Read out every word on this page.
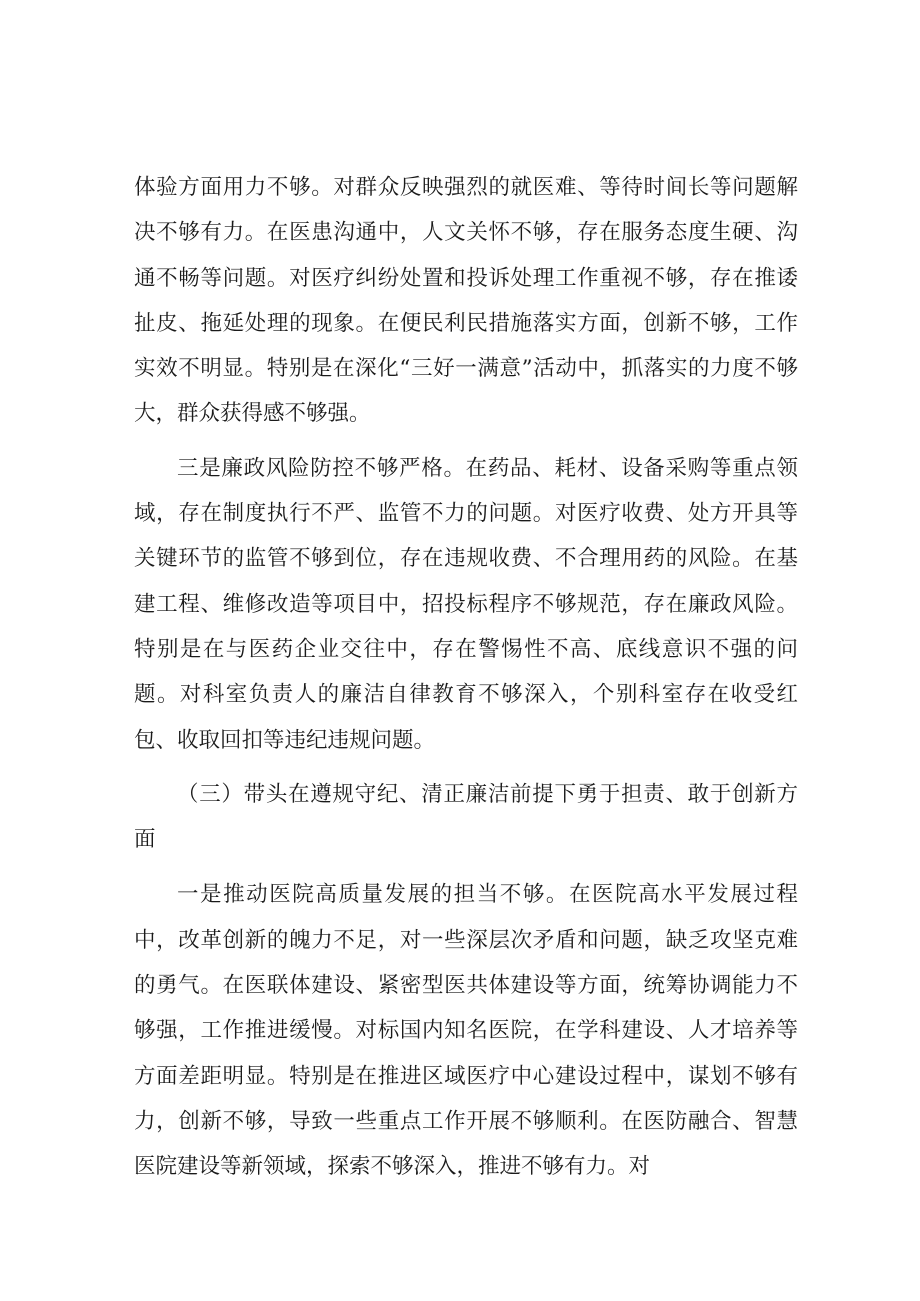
体验方面用力不够。对群众反映强烈的就医难、等待时间长等问题解决不够有力。在医患沟通中，人文关怀不够，存在服务态度生硬、沟通不畅等问题。对医疗纠纷处置和投诉处理工作重视不够，存在推诿扯皮、拖延处理的现象。在便民利民措施落实方面，创新不够，工作实效不明显。特别是在深化“三好一满意”活动中，抓落实的力度不够大，群众获得感不够强。

三是廉政风险防控不够严格。在药品、耗材、设备采购等重点领域，存在制度执行不严、监管不力的问题。对医疗收费、处方开具等关键环节的监管不够到位，存在违规收费、不合理用药的风险。在基建工程、维修改造等项目中，招投标程序不够规范，存在廉政风险。特别是在与医药企业交往中，存在警惕性不高、底线意识不强的问题。对科室负责人的廉洁自律教育不够深入，个别科室存在收受红包、收取回扣等违纪违规问题。

（三）带头在遵规守纪、清正廉洁前提下勇于担责、敢于创新方面

一是推动医院高质量发展的担当不够。在医院高水平发展过程中，改革创新的魄力不足，对一些深层次矛盾和问题，缺乏攻坚克难的勇气。在医联体建设、紧密型医共体建设等方面，统筹协调能力不够强，工作推进缓慢。对标国内知名医院，在学科建设、人才培养等方面差距明显。特别是在推进区域医疗中心建设过程中，谋划不够有力，创新不够，导致一些重点工作开展不够顺利。在医防融合、智慧医院建设等新领域，探索不够深入，推进不够有力。对
